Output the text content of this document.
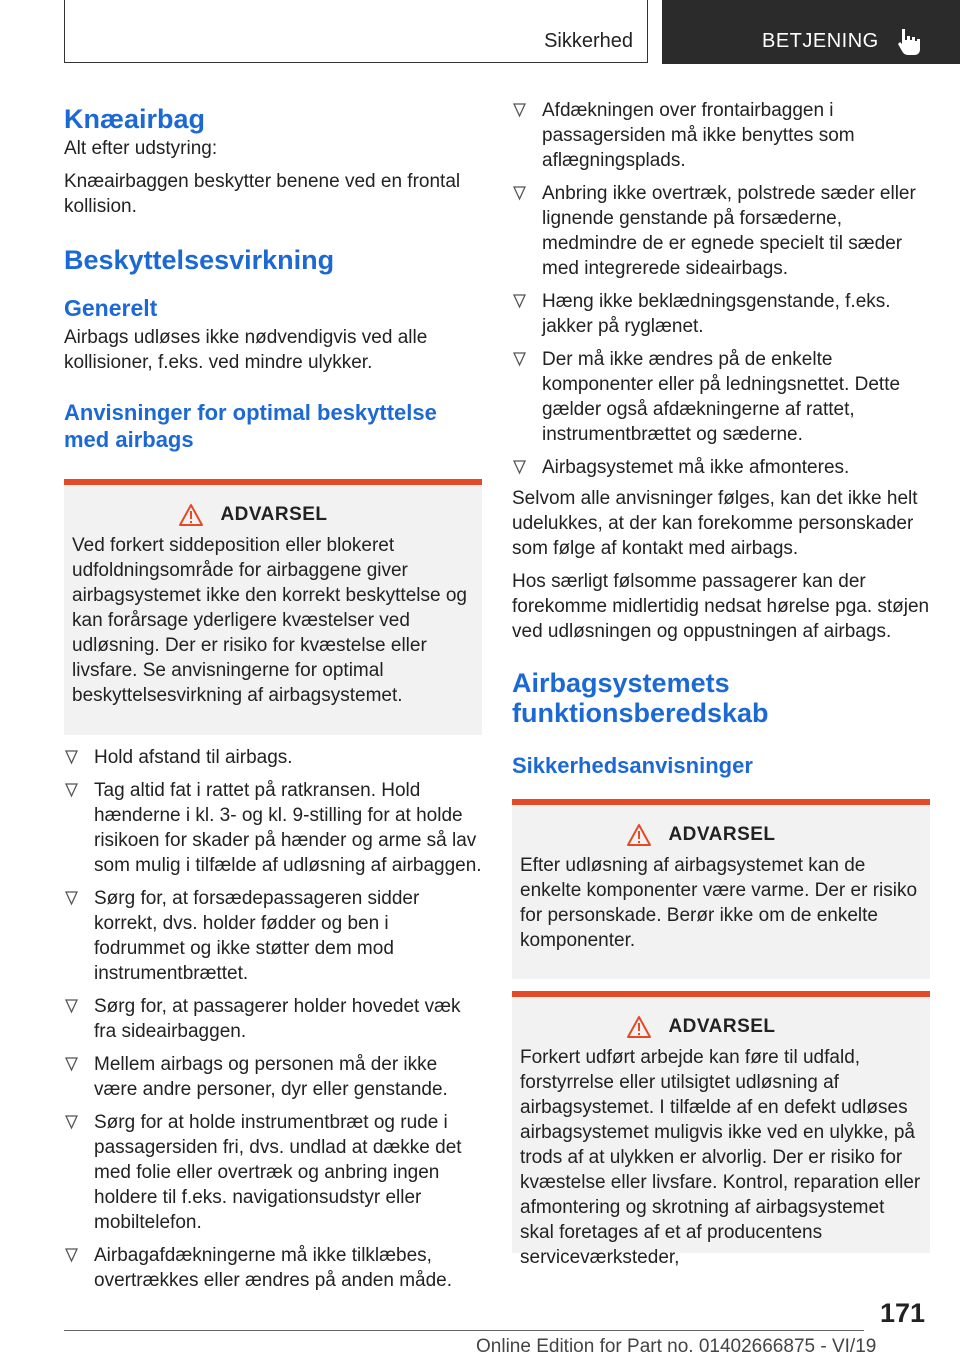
Sikkerhed	BETJENING
Knæairbag

Alt efter udstyring:

Knæairbaggen beskytter benene ved en frontal kollision.

Beskyttelsesvirkning
Generelt

Airbags udløses ikke nødvendigvis ved alle kollisioner, f.eks. ved mindre ulykker.

Anvisninger for optimal beskyttelse med airbags
ADVARSEL
Ved forkert siddeposition eller blokeret udfoldningsområde for airbaggene giver airbagsystemet ikke den korrekt beskyttelse og kan forårsage yderligere kvæstelser ved udløsning. Der er risiko for kvæstelse eller livsfare. Se anvisningerne for optimal beskyttelsesvirkning af airbagsystemet.
Hold afstand til airbags.
Tag altid fat i rattet på ratkransen. Hold hænderne i kl. 3- og kl. 9-stilling for at holde risikoen for skader på hænder og arme så lav som mulig i tilfælde af udløsning af airbaggen.
Sørg for, at forsædepassageren sidder korrekt, dvs. holder fødder og ben i fodrummet og ikke støtter dem mod instrumentbrættet.
Sørg for, at passagerer holder hovedet væk fra sideairbaggen.
Mellem airbags og personen må der ikke være andre personer, dyr eller genstande.
Sørg for at holde instrumentbræt og rude i passagersiden fri, dvs. undlad at dække det med folie eller overtræk og anbring ingen holdere til f.eks. navigationsudstyr eller mobiltelefon.
Airbagafdækningerne må ikke tilklæbes, overtrækkes eller ændres på anden måde.
Afdækningen over frontairbaggen i passagersiden må ikke benyttes som aflægningsplads.
Anbring ikke overtræk, polstrede sæder eller lignende genstande på forsæderne, medmindre de er egnede specielt til sæder med integrerede sideairbags.
Hæng ikke beklædningsgenstande, f.eks. jakker på ryglænet.
Der må ikke ændres på de enkelte komponenter eller på ledningsnettet. Dette gælder også afdækningerne af rattet, instrumentbrættet og sæderne.
Airbagsystemet må ikke afmonteres.

Selvom alle anvisninger følges, kan det ikke helt udelukkes, at der kan forekomme personskader som følge af kontakt med airbags.

Hos særligt følsomme passagerer kan der forekomme midlertidig nedsat hørelse pga. støjen ved udløsningen og oppustningen af airbags.

Airbagsystemets funktionsberedskab
Sikkerhedsanvisninger
ADVARSEL
Efter udløsning af airbagsystemet kan de enkelte komponenter være varme. Der er risiko for personskade. Berør ikke om de enkelte komponenter.
ADVARSEL
Forkert udført arbejde kan føre til udfald, forstyrrelse eller utilsigtet udløsning af airbagsystemet. I tilfælde af en defekt udløses airbagsystemet muligvis ikke ved en ulykke, på trods af at ulykken er alvorlig. Der er risiko for kvæstelse eller livsfare. Kontrol, reparation eller afmontering og skrotning af airbagsystemet skal foretages af et af producentens serviceværksteder,
171
Online Edition for Part no. 01402666875 - VI/19
